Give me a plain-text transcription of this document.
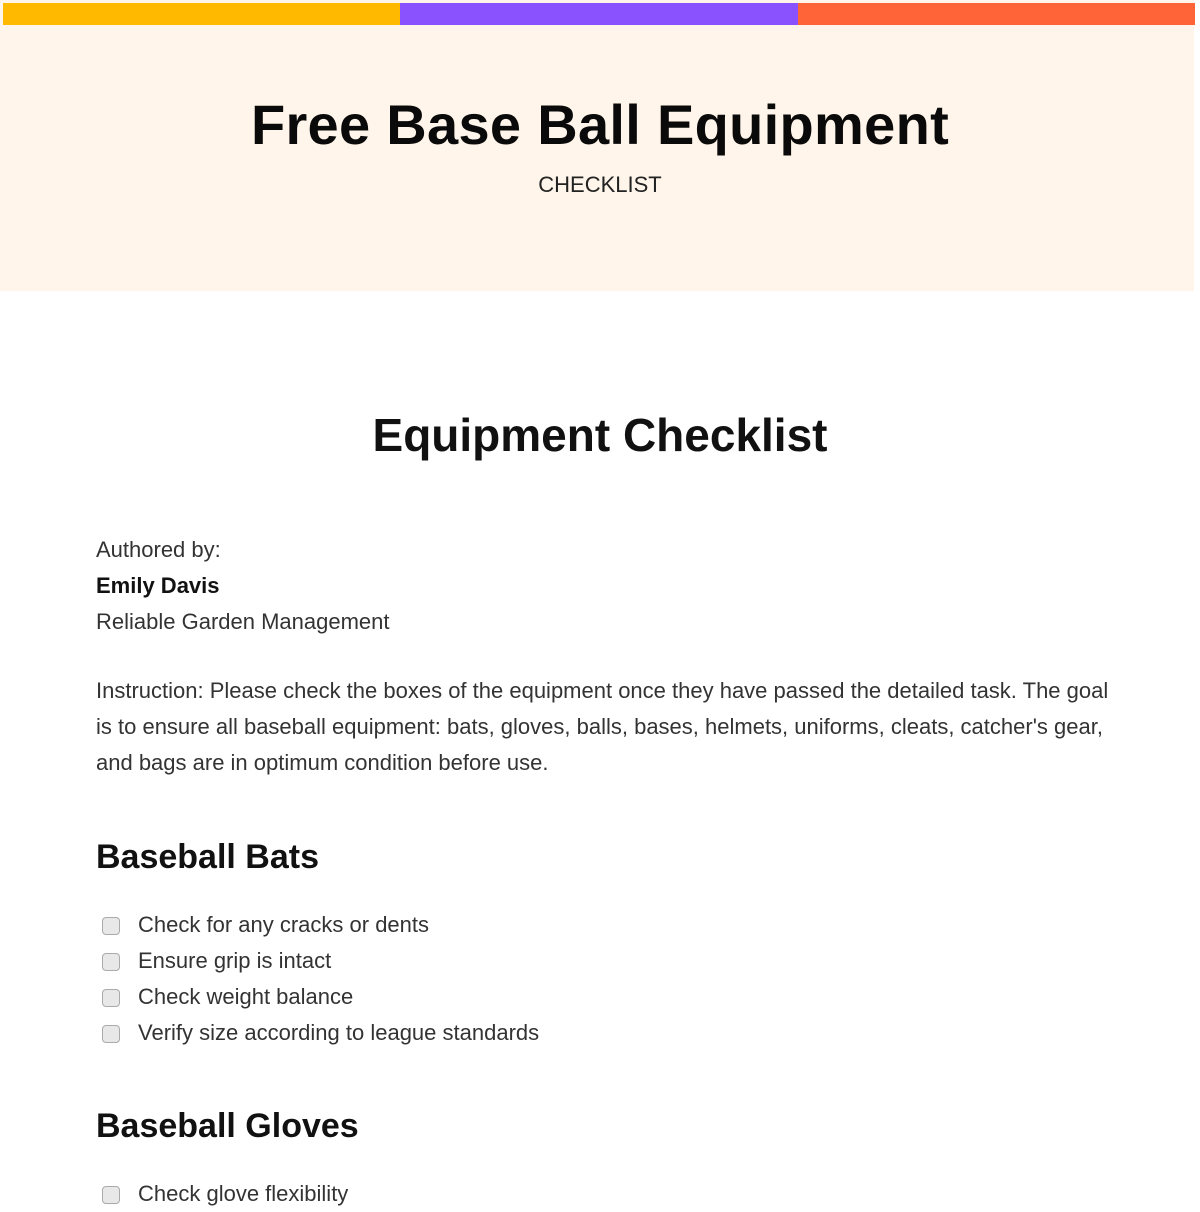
Free Base Ball Equipment
CHECKLIST
Equipment Checklist
Authored by:
Emily Davis
Reliable Garden Management
Instruction: Please check the boxes of the equipment once they have passed the detailed task. The goal is to ensure all baseball equipment: bats, gloves, balls, bases, helmets, uniforms, cleats, catcher's gear, and bags are in optimum condition before use.
Baseball Bats
Check for any cracks or dents
Ensure grip is intact
Check weight balance
Verify size according to league standards
Baseball Gloves
Check glove flexibility
